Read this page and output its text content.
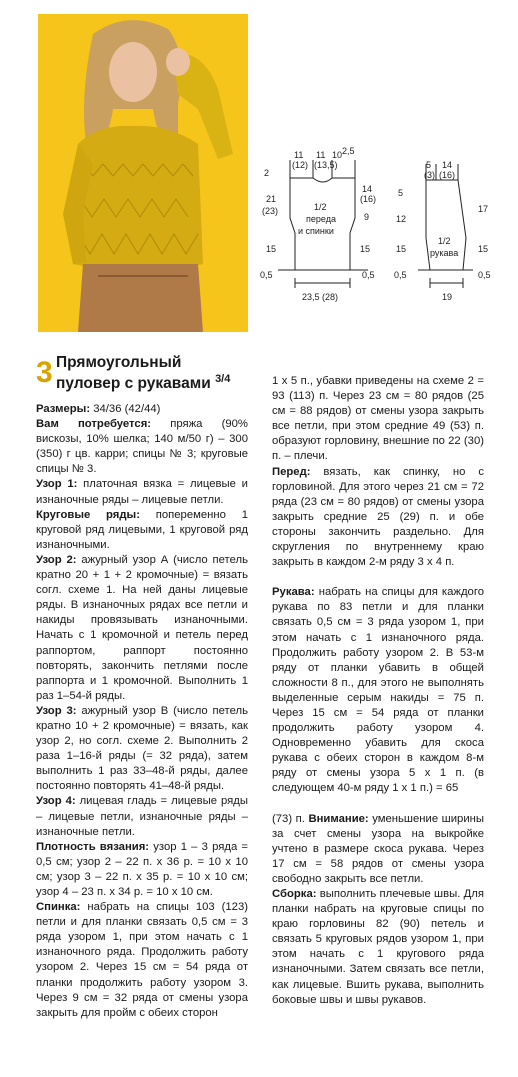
11
(12)
11
(13,5)
2,5
10
2
21
(23)
15
0,5
14
(16)
9
15
0,5
1/2
переда
и спинки
23,5 (28)
5
(3)
14
(16)
5
12
15
0,5
17
15
0,5
1/2
рукава
19
3 Прямоугольный
пуловер с рукавами $^{3/4}$

Размеры: 34/36 (42/44)

Вам потребуется: пряжа (90% вискозы, 10% шелка; 140 м/50 г) – 300 (350) г цв. карри; спицы № 3; круговые спицы № 3.

Узор 1: платочная вязка = лицевые и изнаночные ряды – лицевые петли.

Круговые ряды: попеременно 1 круговой ряд лицевыми, 1 круговой ряд изнаночными.

Узор 2: ажурный узор А (число петель кратно 20 + 1 + 2 кромочные) = вязать согл. схеме 1. На ней даны лицевые ряды. В изнаночных рядах все петли и накиды провязывать изнаночными. Начать с 1 кромочной и петель перед раппортом, раппорт постоянно повторять, закончить петлями после раппорта и 1 кромочной. Выполнить 1 раз 1–54-й ряды.

Узор 3: ажурный узор В (число петель кратно 10 + 2 кромочные) = вязать, как узор 2, но согл. схеме 2. Выполнить 2 раза 1–16-й ряды (= 32 ряда), затем выполнить 1 раз 33–48-й ряды, далее постоянно повторять 41–48-й ряды.

Узор 4: лицевая гладь = лицевые ряды – лицевые петли, изнаночные ряды – изнаночные петли.

Плотность вязания: узор 1 – 3 ряда = 0,5 см; узор 2 – 22 п. х 36 р. = 10 х 10 см; узор 3 – 22 п. х 35 р. = 10 х 10 см; узор 4 – 23 п. х 34 р. = 10 х 10 см.

Спинка: набрать на спицы 103 (123) петли и для планки связать 0,5 см = 3 ряда узором 1, при этом начать с 1 изнаночного ряда. Продолжить работу узором 2. Через 15 см = 54 ряда от планки продолжить работу узором 3. Через 9 см = 32 ряда от смены узора закрыть для пройм с обеих сторон

1 х 5 п., убавки приведены на схеме 2 = 93 (113) п. Через 23 см = 80 рядов (25 см = 88 рядов) от смены узора закрыть все петли, при этом средние 49 (53) п. образуют горловину, внешние по 22 (30) п. – плечи.

Перед: вязать, как спинку, но с горловиной. Для этого через 21 см = 72 ряда (23 см = 80 рядов) от смены узора закрыть средние 25 (29) п. и обе стороны закончить раздельно. Для скругления по внутреннему краю закрыть в каждом 2-м ряду 3 х 4 п.

Рукава: набрать на спицы для каждого рукава по 83 петли и для планки связать 0,5 см = 3 ряда узором 1, при этом начать с 1 изнаночного ряда. Продолжить работу узором 2. В 53-м ряду от планки убавить в общей сложности 8 п., для этого не выполнять выделенные серым накиды = 75 п. Через 15 см = 54 ряда от планки продолжить работу узором 4. Одновременно убавить для скоса рукава с обеих сторон в каждом 8-м ряду от смены узора 5 х 1 п. (в следующем 40-м ряду 1 х 1 п.) = 65

(73) п. Внимание: уменьшение ширины за счет смены узора на выкройке учтено в размере скоса рукава. Через 17 см = 58 рядов от смены узора свободно закрыть все петли.

Сборка: выполнить плечевые швы. Для планки набрать на круговые спицы по краю горловины 82 (90) петель и связать 5 круговых рядов узором 1, при этом начать с 1 кругового ряда изнаночными. Затем связать все петли, как лицевые. Вшить рукава, выполнить боковые швы и швы рукавов.
